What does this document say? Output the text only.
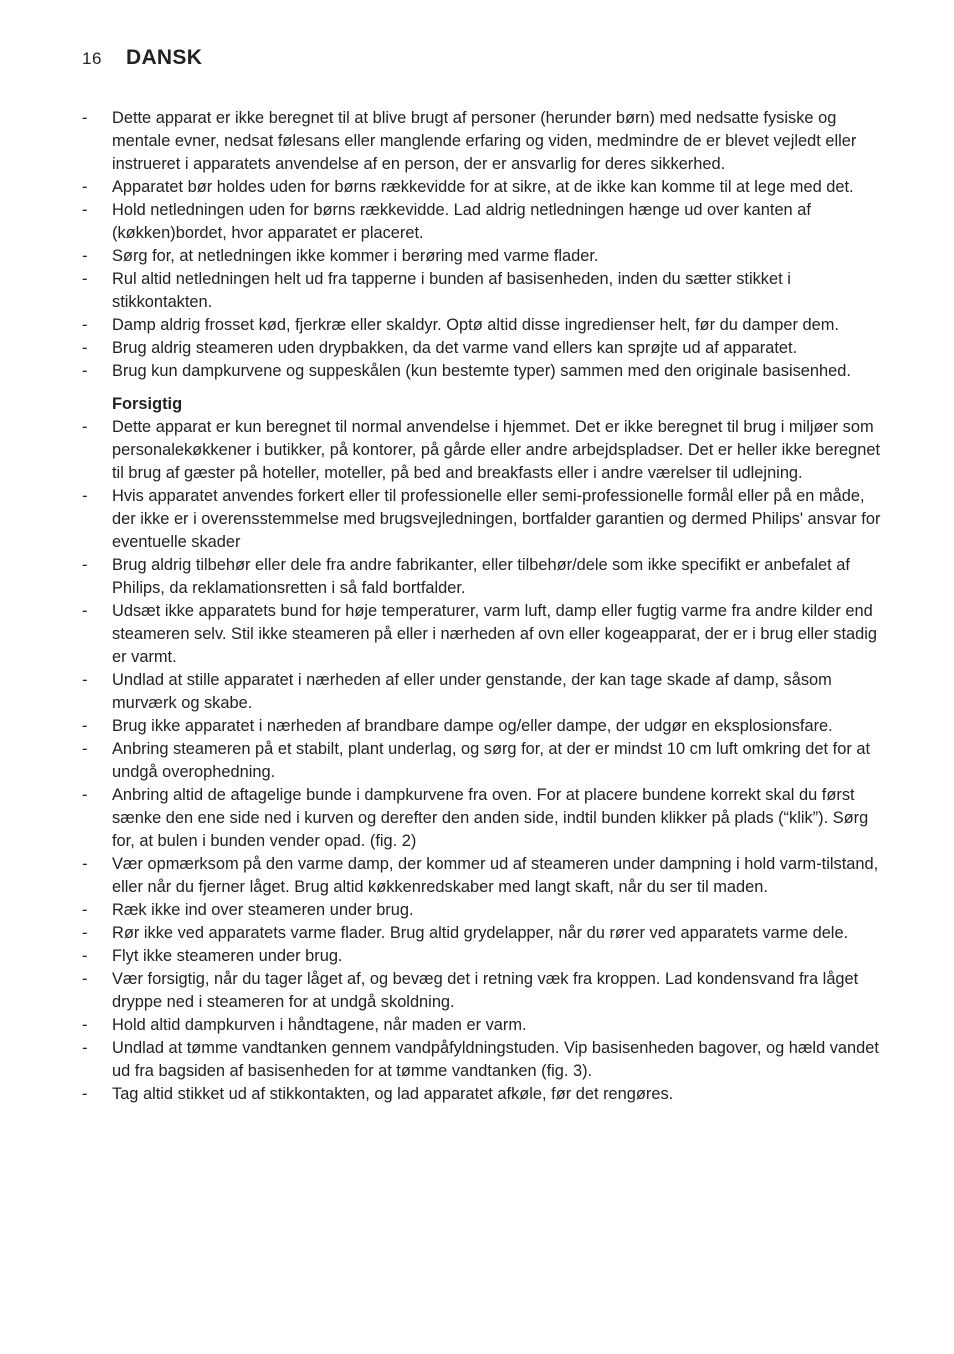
16	DANSK
-	Dette apparat er ikke beregnet til at blive brugt af personer (herunder børn) med nedsatte fysiske og mentale evner, nedsat følesans eller manglende erfaring og viden, medmindre de er blevet vejledt eller instrueret i apparatets anvendelse af en person, der er ansvarlig for deres sikkerhed.
-	Apparatet bør holdes uden for børns rækkevidde for at sikre, at de ikke kan komme til at lege med det.
-	Hold netledningen uden for børns rækkevidde. Lad aldrig netledningen hænge ud over kanten af (køkken)bordet, hvor apparatet er placeret.
-	Sørg for, at netledningen ikke kommer i berøring med varme flader.
-	Rul altid netledningen helt ud fra tapperne i bunden af basisenheden, inden du sætter stikket i stikkontakten.
-	Damp aldrig frosset kød, fjerkræ eller skaldyr. Optø altid disse ingredienser helt, før du damper dem.
-	Brug aldrig steameren uden drypbakken, da det varme vand ellers kan sprøjte ud af apparatet.
-	Brug kun dampkurvene og suppeskålen (kun bestemte typer) sammen med den originale basisenhed.
Forsigtig
-	Dette apparat er kun beregnet til normal anvendelse i hjemmet. Det er ikke beregnet til brug i miljøer som personalekøkkener i butikker, på kontorer, på gårde eller andre arbejdspladser. Det er heller ikke beregnet til brug af gæster på hoteller, moteller, på bed and breakfasts eller i andre værelser til udlejning.
-	Hvis apparatet anvendes forkert eller til professionelle eller semi-professionelle formål eller på en måde, der ikke er i overensstemmelse med brugsvejledningen, bortfalder garantien og dermed Philips' ansvar for eventuelle skader
-	Brug aldrig tilbehør eller dele fra andre fabrikanter, eller tilbehør/dele som ikke specifikt er anbefalet af Philips, da reklamationsretten i så fald bortfalder.
-	Udsæt ikke apparatets bund for høje temperaturer, varm luft, damp eller fugtig varme fra andre kilder end steameren selv. Stil ikke steameren på eller i nærheden af ovn eller kogeapparat, der er i brug eller stadig er varmt.
-	Undlad at stille apparatet i nærheden af eller under genstande, der kan tage skade af damp, såsom murværk og skabe.
-	Brug ikke apparatet i nærheden af brandbare dampe og/eller dampe, der udgør en eksplosionsfare.
-	Anbring steameren på et stabilt, plant underlag, og sørg for, at der er mindst 10 cm luft omkring det for at undgå overophedning.
-	Anbring altid de aftagelige bunde i dampkurvene fra oven. For at placere bundene korrekt skal du først sænke den ene side ned i kurven og derefter den anden side, indtil bunden klikker på plads (“klik”). Sørg for, at bulen i bunden vender opad. (fig. 2)
-	Vær opmærksom på den varme damp, der kommer ud af steameren under dampning i hold varm-tilstand, eller når du fjerner låget. Brug altid køkkenredskaber med langt skaft, når du ser til maden.
-	Ræk ikke ind over steameren under brug.
-	Rør ikke ved apparatets varme flader. Brug altid grydelapper, når du rører ved apparatets varme dele.
-	Flyt ikke steameren under brug.
-	Vær forsigtig, når du tager låget af, og bevæg det i retning væk fra kroppen. Lad kondensvand fra låget dryppe ned i steameren for at undgå skoldning.
-	Hold altid dampkurven i håndtagene, når maden er varm.
-	Undlad at tømme vandtanken gennem vandpåfyldningstuden. Vip basisenheden bagover, og hæld vandet ud fra bagsiden af basisenheden for at tømme vandtanken (fig. 3).
-	Tag altid stikket ud af stikkontakten, og lad apparatet afkøle, før det rengøres.
